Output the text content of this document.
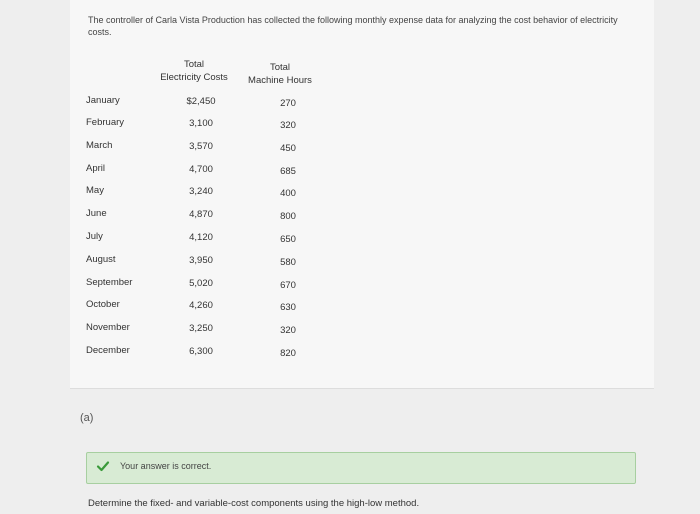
The controller of Carla Vista Production has collected the following monthly expense data for analyzing the cost behavior of electricity costs.
Total
Electricity Costs
Total
Machine Hours
January	$2,450	270
February	3,100	320
March	3,570	450
April	4,700	685
May	3,240	400
June	4,870	800
July	4,120	650
August	3,950	580
September	5,020	670
October	4,260	630
November	3,250	320
December	6,300	820
(a)
Your answer is correct.
Determine the fixed- and variable-cost components using the high-low method.
